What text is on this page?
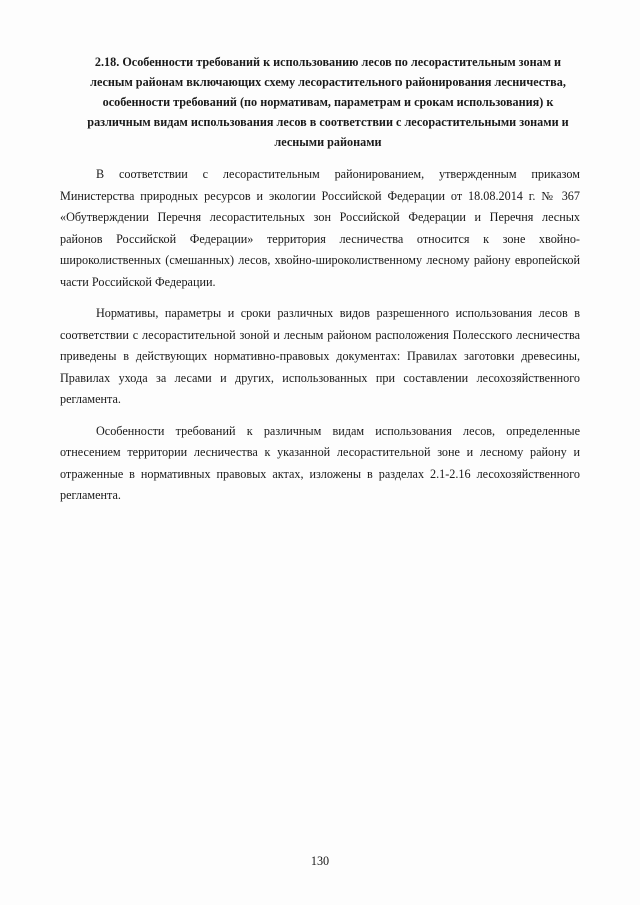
2.18. Особенности требований к использованию лесов по лесорастительным зонам и
лесным районам включающих схему лесорастительного районирования лесничества,
особенности требований (по нормативам, параметрам и срокам использования) к
различным видам использования лесов в соответствии с лесорастительными зонами и
лесными районами
В соответствии с лесорастительным районированием, утвержденным приказом
Министерства природных ресурсов и экологии Российской Федерации от 18.08.2014 г. № 367
«Обутверждении Перечня лесорастительных зон Российской Федерации и Перечня лесных
районов Российской Федерации» территория лесничества относится к зоне хвойно-
широколиственных (смешанных) лесов, хвойно-широколиственному лесному району европейской
части Российской Федерации.
Нормативы, параметры и сроки различных видов разрешенного использования лесов в
соответствии с лесорастительной зоной и лесным районом расположения Полесского лесничества
приведены в действующих нормативно-правовых документах: Правилах заготовки древесины,
Правилах ухода за лесами и других, использованных при составлении лесохозяйственного
регламента.
Особенности требований к различным видам использования лесов, определенные
отнесением территории лесничества к указанной лесорастительной зоне и лесному району и
отраженные в нормативных правовых актах, изложены в разделах 2.1-2.16 лесохозяйственного
регламента.
130
